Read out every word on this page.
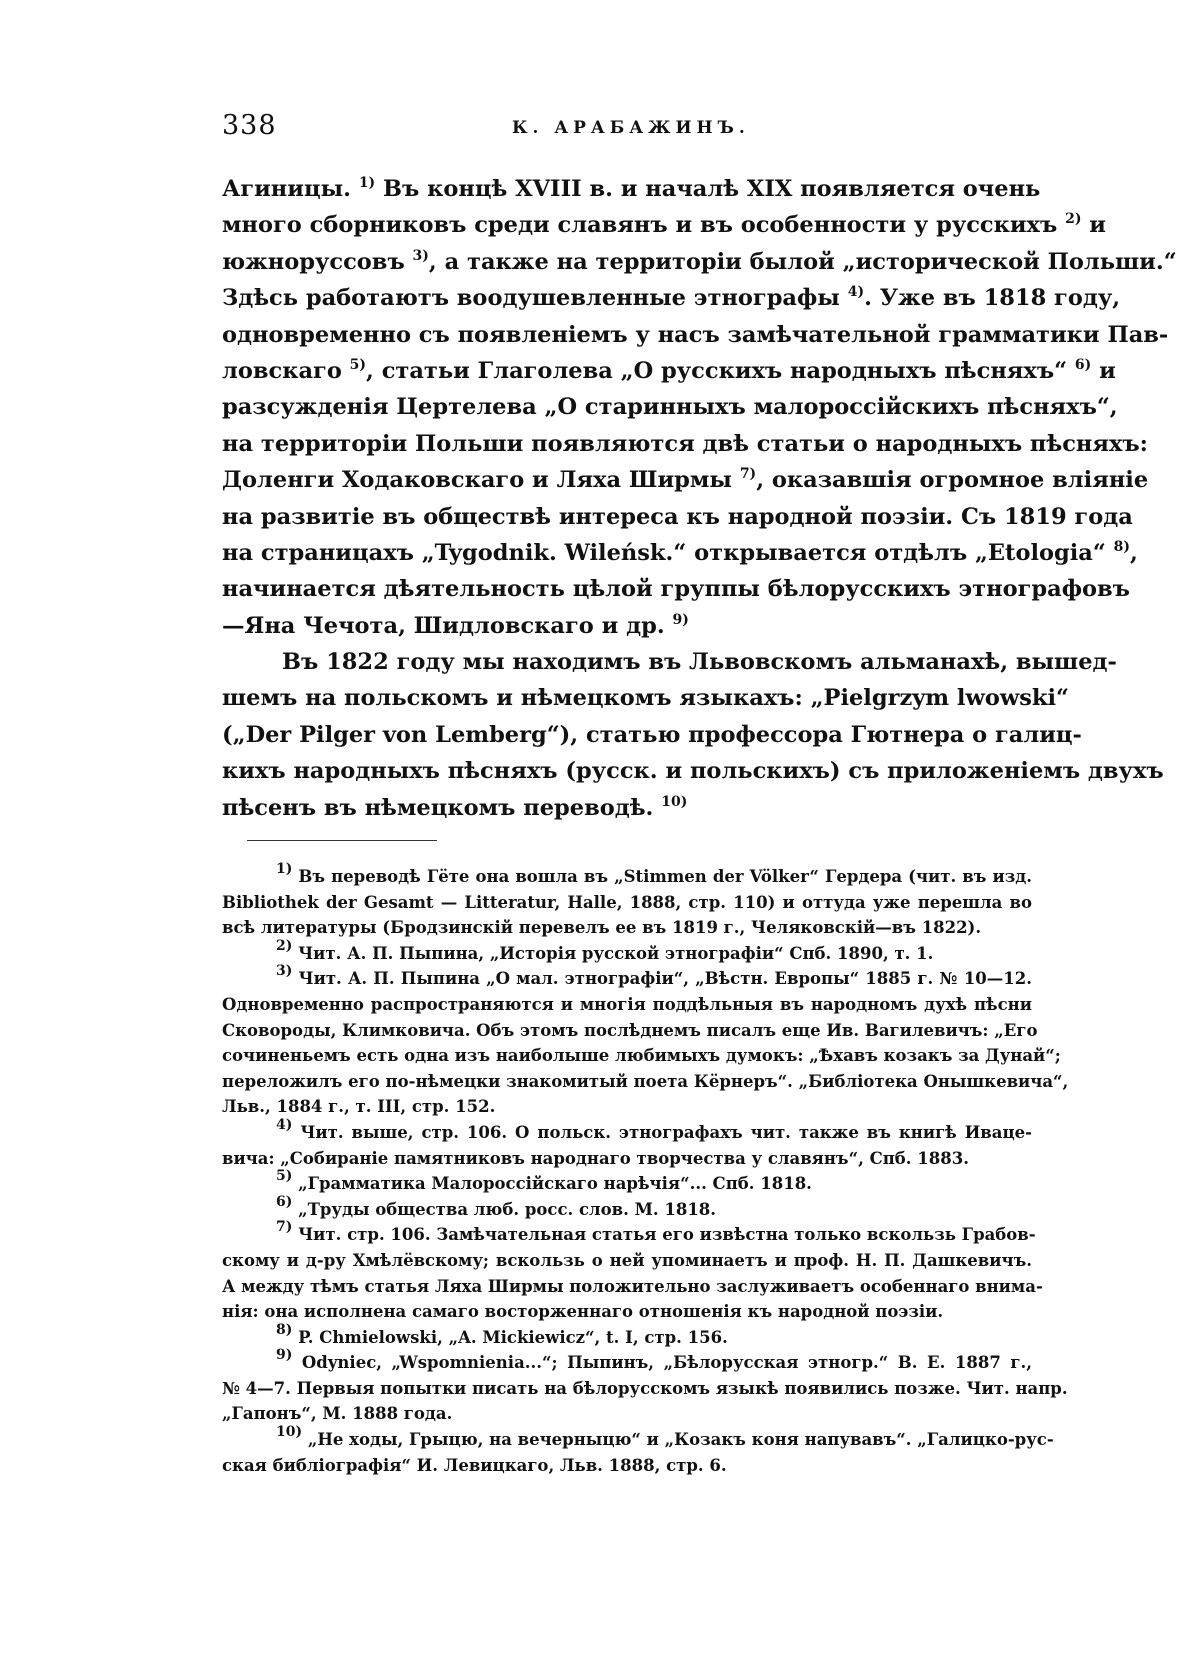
338	К. АРАБАЖИНЪ.
Агиницы. $^{1)}$ Въ концѣ XVIII в. и началѣ XIX появляется очень
много сборниковъ среди славянъ и въ особенности у русскихъ $^{2)}$ и
южноруссовъ $^{3)}$, а также на территоріи былой „исторической Польши.“
Здѣсь работаютъ воодушевленные этнографы $^{4)}$. Уже въ 1818 году,
одновременно съ появленіемъ у насъ замѣчательной грамматики Пав-
ловскаго $^{5)}$, статьи Глаголева „О русскихъ народныхъ пѣсняхъ“ $^{6)}$ и
разсужденія Цертелева „О старинныхъ малороссійскихъ пѣсняхъ“,
на территоріи Польши появляются двѣ статьи о народныхъ пѣсняхъ:
Доленги Ходаковскаго и Ляха Ширмы $^{7)}$, оказавшія огромное вліяніе
на развитіе въ обществѣ интереса къ народной поэзіи. Съ 1819 года
на страницахъ „Tygodnik. Wileńsk.“ открывается отдѣлъ „Etologia“ $^{8)}$,
начинается дѣятельность цѣлой группы бѣлорусскихъ этнографовъ
—Яна Чечота, Шидловскаго и др. $^{9)}$
Въ 1822 году мы находимъ въ Львовскомъ альманахѣ, вышед-
шемъ на польскомъ и нѣмецкомъ языкахъ: „Pielgrzym lwowski“
(„Der Pilger von Lemberg“), статью профессора Гютнера о галиц-
кихъ народныхъ пѣсняхъ (русск. и польскихъ) съ приложеніемъ двухъ
пѣсенъ въ нѣмецкомъ переводѣ. $^{10)}$
$^{1)}$ Въ переводѣ Гёте она вошла въ „Stimmen der Völker“ Гердера (чит. въ изд.
Bibliothek der Gesamt — Litteratur, Halle, 1888, стр. 110) и оттуда уже перешла во
всѣ литературы (Бродзинскій перевелъ ее въ 1819 г., Челяковскій—въ 1822).
$^{2)}$ Чит. А. П. Пыпина, „Исторія русской этнографіи“ Спб. 1890, т. 1.
$^{3)}$ Чит. А. П. Пыпина „О мал. этнографіи“, „Вѣстн. Европы“ 1885 г. № 10—12.
Одновременно распространяются и многія поддѣльныя въ народномъ духѣ пѣсни
Сковороды, Климковича. Объ этомъ послѣднемъ писалъ еще Ив. Вагилевичъ: „Его
сочиненьемъ есть одна изъ наиболыше любимыхъ думокъ: „Ѣхавъ козакъ за Дунай“;
переложилъ его по-нѣмецки знакомитый поета Кёрнеръ“. „Библіотека Онышкевича“,
Льв., 1884 г., т. III, стр. 152.
$^{4)}$ Чит. выше, стр. 106. О польск. этнографахъ чит. также въ книгѣ Иваце-
вича: „Собираніе памятниковъ народнаго творчества у славянъ“, Спб. 1883.
$^{5)}$ „Грамматика Малороссійскаго нарѣчія“... Спб. 1818.
$^{6)}$ „Труды общества люб. росс. слов. М. 1818.
$^{7)}$ Чит. стр. 106. Замѣчательная статья его извѣстна только вскользь Грабов-
скому и д-ру Хмѣлёвскому; вскользь о ней упоминаетъ и проф. Н. П. Дашкевичъ.
А между тѣмъ статья Ляха Ширмы положительно заслуживаетъ особеннаго внима-
нія: она исполнена самаго восторженнаго отношенія къ народной поэзіи.
$^{8)}$ P. Chmielowski, „A. Mickiewicz“, t. I, стр. 156.
$^{9)}$ Odyniec, „Wspomnienia...“; Пыпинъ, „Бѣлорусская этногр.“ В. Е. 1887 г.,
№ 4—7. Первыя попытки писать на бѣлорусскомъ языкѣ появились позже. Чит. напр.
„Гапонъ“, М. 1888 года.
$^{10)}$ „Не ходы, Грыцю, на вечерныцю“ и „Козакъ коня напувавъ“. „Галицко-рус-
ская библіографія“ И. Левицкаго, Льв. 1888, стр. 6.
